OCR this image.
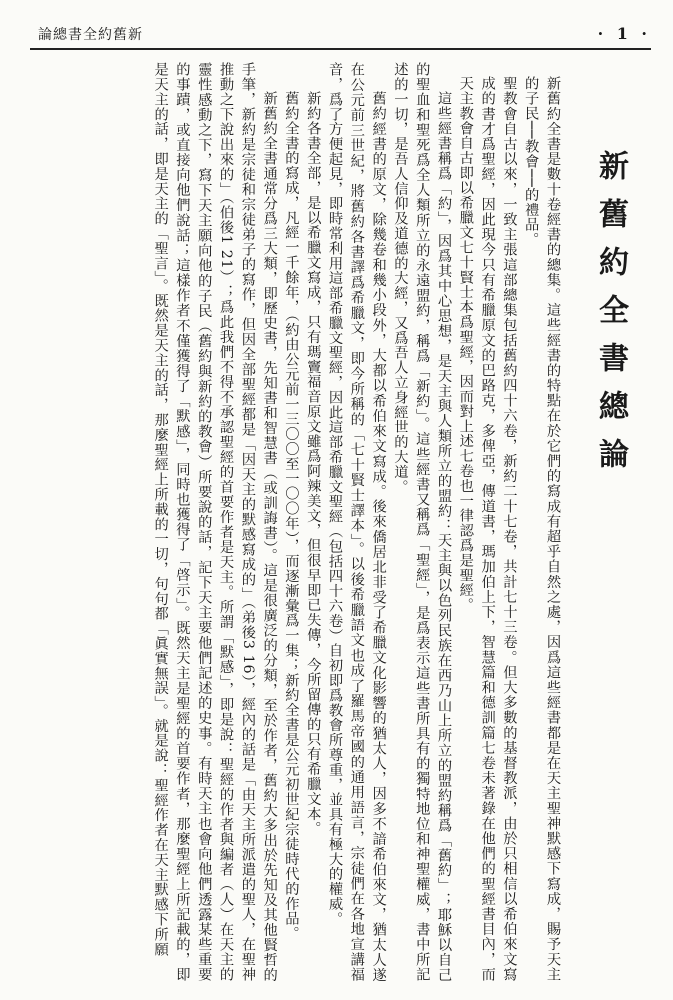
論總書全約舊新	· 1 ·
新舊約全書總論

新舊約全書是數十卷經書的總集。這些經書的特點在於它們的寫成有超乎自然之處，因爲這些經書都是在天主聖神默感下寫成，賜予天主的子民──教會──的禮品。

聖教會自古以來，一致主張這部總集包括舊約四十六卷，新約二十七卷，共計七十三卷。但大多數的基督教派，由於只相信以希伯來文寫成的書才爲聖經，因此現今只有希臘原文的巴路克，多俾亞，傳道書，瑪加伯上下，智慧篇和德訓篇七卷未著錄在他們的聖經書目內，而天主教會自古即以希臘文七十賢士本爲聖經，因而對上述七卷也一律認爲是聖經。

這些經書稱爲「約」，因爲其中心思想，是天主與人類所立的盟約：天主與以色列民族在西乃山上所立的盟約稱爲「舊約」；耶穌以自己的聖血和聖死爲全人類所立的永遠盟約，稱爲「新約」。這些經書又稱爲「聖經」，是爲表示這些書所具有的獨特地位和神聖權威，書中所記述的一切，是吾人信仰及道德的大經，又爲吾人立身經世的大道。

舊約經書的原文，除幾卷和幾小段外，大都以希伯來文寫成。後來僑居北非受了希臘文化影響的猶太人，因多不諳希伯來文，猶太人遂在公元前三世紀，將舊約各書譯爲希臘文，即今所稱的「七十賢士譯本」。以後希臘語文也成了羅馬帝國的通用語言，宗徒們在各地宣講福音，爲了方便起見，即時常利用這部希臘文聖經，因此這部希臘文聖經（包括四十六卷）自初即爲教會所尊重，並具有極大的權威。

新約各書全部，是以希臘文寫成，只有瑪竇福音原文雖爲阿辣美文，但很早即已失傳，今所留傳的只有希臘文本。

舊約全書的寫成，凡經一千餘年，（約由公元前一三〇〇至一〇〇年），而逐漸彙爲一集；新約全書是公元初世紀宗徒時代的作品。

新舊約全書通常分爲三大類，即歷史書，先知書和智慧書（或訓誨書）。這是很廣泛的分類，至於作者，舊約大多出於先知及其他賢哲的手筆，新約是宗徒和宗徒弟子的寫作，但因全部聖經都是「因天主的默感寫成的」（弟後3 16），經內的話是「由天主所派遣的聖人，在聖神推動之下說出來的」（伯後1 21）；爲此我們不得不承認聖經的首要作者是天主。所謂「默感」，即是說：聖經的作者與編者（人）在天主的靈性感動之下，寫下天主願向他的子民（舊約與新約的教會）所要說的話，記下天主要他們記述的史事。有時天主也會向他們透露某些重要的事蹟，或直接向他們說話；這樣作者不僅獲得了「默感」，同時也獲得了「啓示」。既然天主是聖經的首要作者，那麼聖經上所記載的，即是天主的話，即是天主的「聖言」。既然是天主的話，那麼聖經上所載的一切，句句都「眞實無誤」。就是說：聖經作者在天主默感下所願
